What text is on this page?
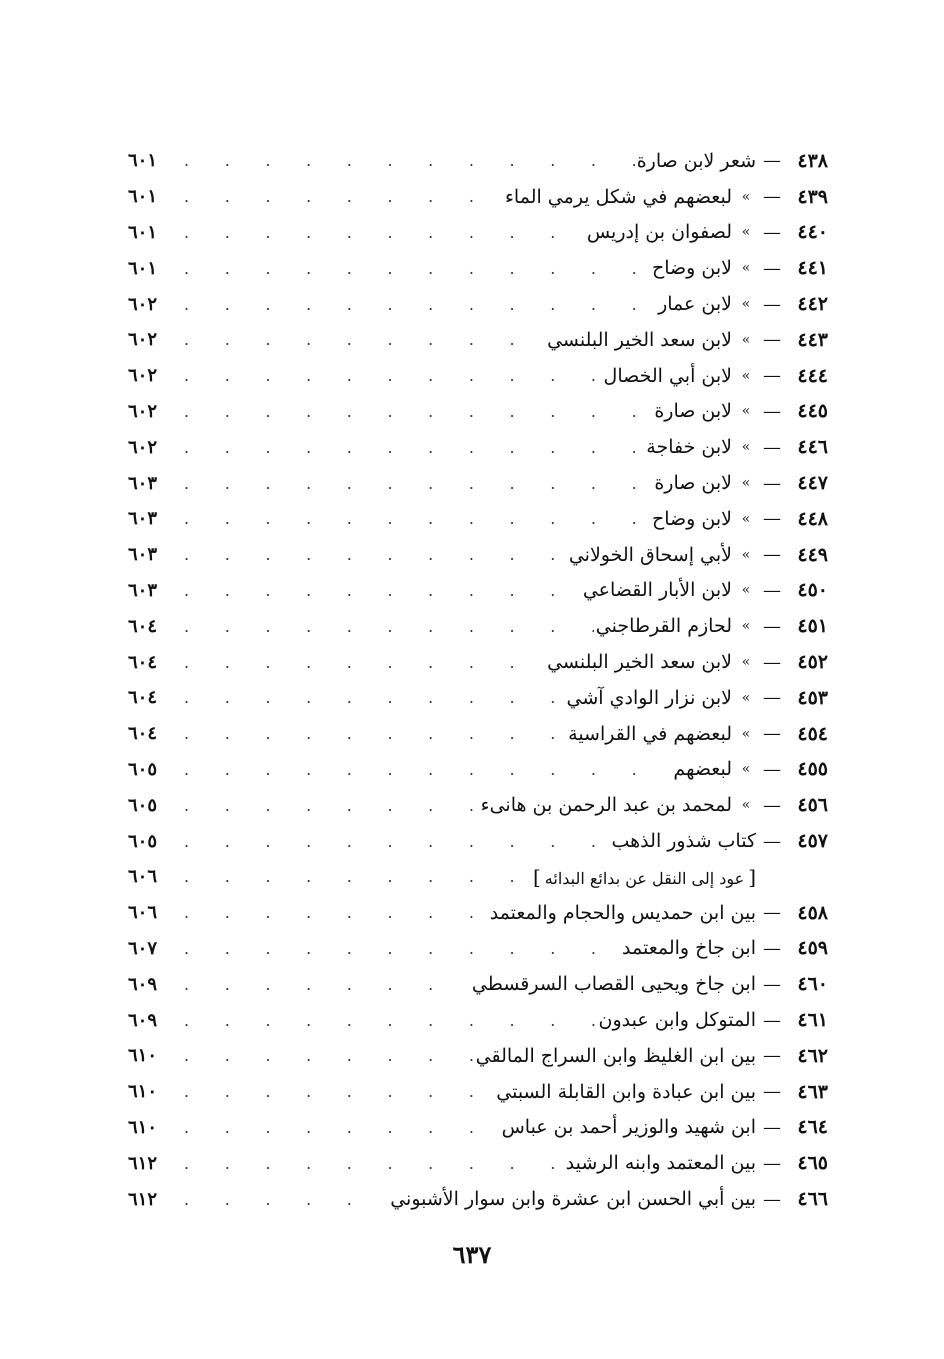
٤٣٨
—
شعر لابن صارة
.
٦٠١
٤٣٩
—
»
لبعضهم في شكل يرمي الماء
.
٦٠١
٤٤٠
—
»
لصفوان بن إدريس
.
٦٠١
٤٤١
—
»
لابن وضاح
.
٦٠١
٤٤٢
—
»
لابن عمار
.
٦٠٢
٤٤٣
—
»
لابن سعد الخير البلنسي
.
٦٠٢
٤٤٤
—
»
لابن أبي الخصال
.
٦٠٢
٤٤٥
—
»
لابن صارة
.
٦٠٢
٤٤٦
—
»
لابن خفاجة
.
٦٠٢
٤٤٧
—
»
لابن صارة
.
٦٠٣
٤٤٨
—
»
لابن وضاح
.
٦٠٣
٤٤٩
—
»
لأبي إسحاق الخولاني
.
٦٠٣
٤٥٠
—
»
لابن الأبار القضاعي
.
٦٠٣
٤٥١
—
»
لحازم القرطاجني
.
٦٠٤
٤٥٢
—
»
لابن سعد الخير البلنسي
.
٦٠٤
٤٥٣
—
»
لابن نزار الوادي آشي
.
٦٠٤
٤٥٤
—
»
لبعضهم في القراسية
.
٦٠٤
٤٥٥
—
»
لبعضهم
.
٦٠٥
٤٥٦
—
»
لمحمد بن عبد الرحمن بن هانىء
.
٦٠٥
٤٥٧
—
كتاب شذور الذهب
.
٦٠٥
[ عود إلى النقل عن بدائع البدائه ]
.
٦٠٦
٤٥٨
—
بين ابن حمديس والحجام والمعتمد
.
٦٠٦
٤٥٩
—
ابن جاخ والمعتمد
.
٦٠٧
٤٦٠
—
ابن جاخ ويحيى القصاب السرقسطي
.
٦٠٩
٤٦١
—
المتوكل وابن عبدون
.
٦٠٩
٤٦٢
—
بين ابن الغليظ وابن السراج المالقي
.
٦١٠
٤٦٣
—
بين ابن عبادة وابن القابلة السبتي
.
٦١٠
٤٦٤
—
ابن شهيد والوزير أحمد بن عباس
.
٦١٠
٤٦٥
—
بين المعتمد وابنه الرشيد
.
٦١٢
٤٦٦
—
بين أبي الحسن ابن عشرة وابن سوار الأشبوني
.
٦١٢
٦٣٧
